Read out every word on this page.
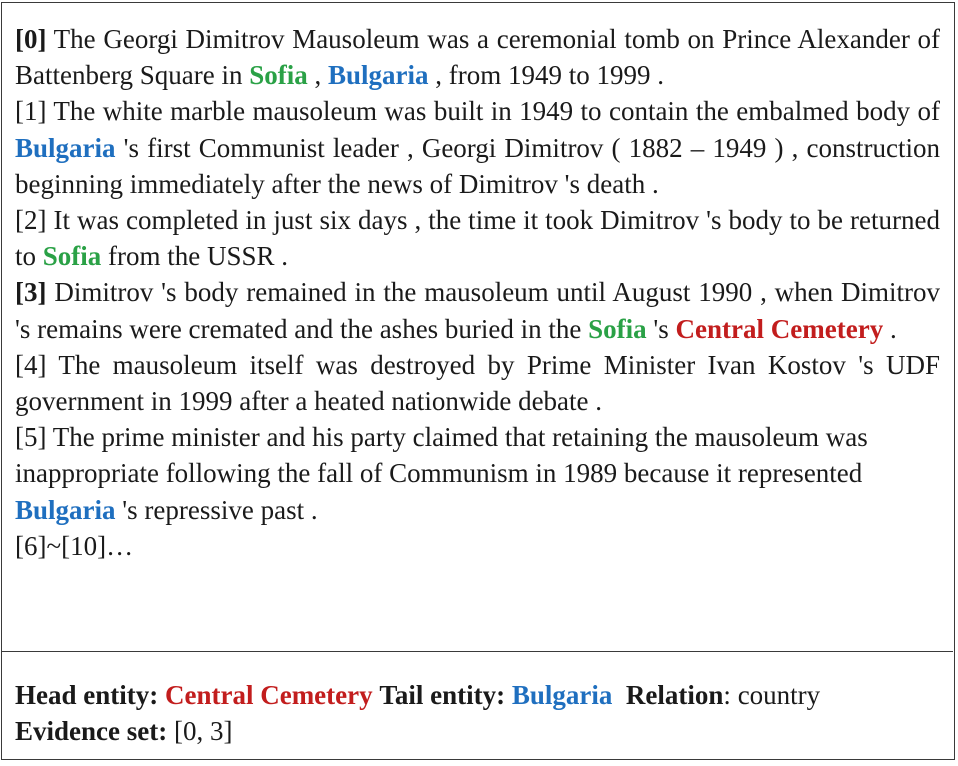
[0] The Georgi Dimitrov Mausoleum was a ceremonial tomb on Prince Alexander of Battenberg Square in Sofia , Bulgaria , from 1949 to 1999 .

[1] The white marble mausoleum was built in 1949 to contain the embalmed body of Bulgaria 's first Communist leader , Georgi Dimitrov ( 1882 – 1949 ) , construction beginning immediately after the news of Dimitrov 's death .

[2] It was completed in just six days , the time it took Dimitrov 's body to be returned to Sofia from the USSR .

[3] Dimitrov 's body remained in the mausoleum until August 1990 , when Dimitrov 's remains were cremated and the ashes buried in the Sofia 's Central Cemetery .

[4] The mausoleum itself was destroyed by Prime Minister Ivan Kostov 's UDF government in 1999 after a heated nationwide debate .

[5] The prime minister and his party claimed that retaining the mausoleum was inappropriate following the fall of Communism in 1989 because it represented Bulgaria 's repressive past .

[6]~[10]…

Head entity: Central Cemetery Tail entity: Bulgaria Relation: country

Evidence set: [0, 3]
